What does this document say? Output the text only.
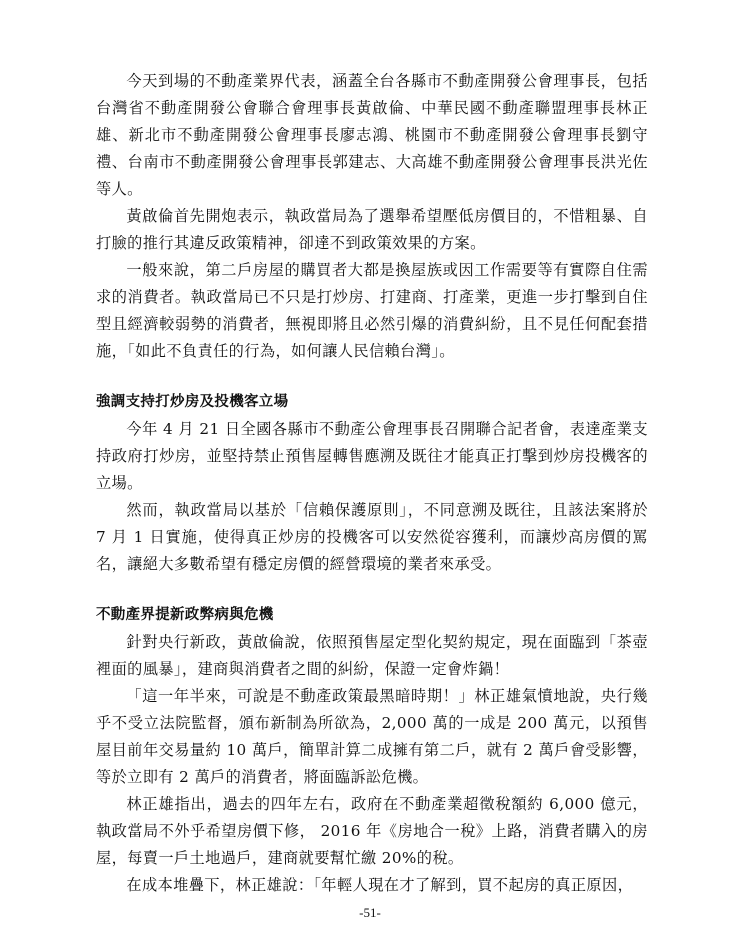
今天到場的不動產業界代表，涵蓋全台各縣市不動產開發公會理事長，包括台灣省不動產開發公會聯合會理事長黃啟倫、中華民國不動產聯盟理事長林正雄、新北市不動產開發公會理事長廖志鴻、桃園市不動產開發公會理事長劉守禮、台南市不動產開發公會理事長郭建志、大高雄不動產開發公會理事長洪光佐等人。

黃啟倫首先開炮表示，執政當局為了選舉希望壓低房價目的，不惜粗暴、自打臉的推行其違反政策精神，卻達不到政策效果的方案。

一般來說，第二戶房屋的購買者大都是換屋族或因工作需要等有實際自住需求的消費者。執政當局已不只是打炒房、打建商、打產業，更進一步打擊到自住型且經濟較弱勢的消費者，無視即將且必然引爆的消費糾紛，且不見任何配套措施，「如此不負責任的行為，如何讓人民信賴台灣」。

強調支持打炒房及投機客立場

今年 4 月 21 日全國各縣市不動產公會理事長召開聯合記者會，表達產業支持政府打炒房，並堅持禁止預售屋轉售應溯及既往才能真正打擊到炒房投機客的立場。

然而，執政當局以基於「信賴保護原則」，不同意溯及既往，且該法案將於 7 月 1 日實施，使得真正炒房的投機客可以安然從容獲利，而讓炒高房價的罵名，讓絕大多數希望有穩定房價的經營環境的業者來承受。

不動產界提新政弊病與危機

針對央行新政，黃啟倫說，依照預售屋定型化契約規定，現在面臨到「茶壺裡面的風暴」，建商與消費者之間的糾紛，保證一定會炸鍋！

「這一年半來，可說是不動產政策最黑暗時期！」林正雄氣憤地說，央行幾乎不受立法院監督，頒布新制為所欲為，2,000 萬的一成是 200 萬元，以預售屋目前年交易量約 10 萬戶，簡單計算二成擁有第二戶，就有 2 萬戶會受影響，等於立即有 2 萬戶的消費者，將面臨訴訟危機。

林正雄指出，過去的四年左右，政府在不動產業超徵稅額約 6,000 億元，執政當局不外乎希望房價下修， 2016 年《房地合一稅》上路，消費者購入的房屋，每賣一戶土地過戶，建商就要幫忙繳 20%的稅。

在成本堆疊下，林正雄說：「年輕人現在才了解到，買不起房的真正原因，

-51-
